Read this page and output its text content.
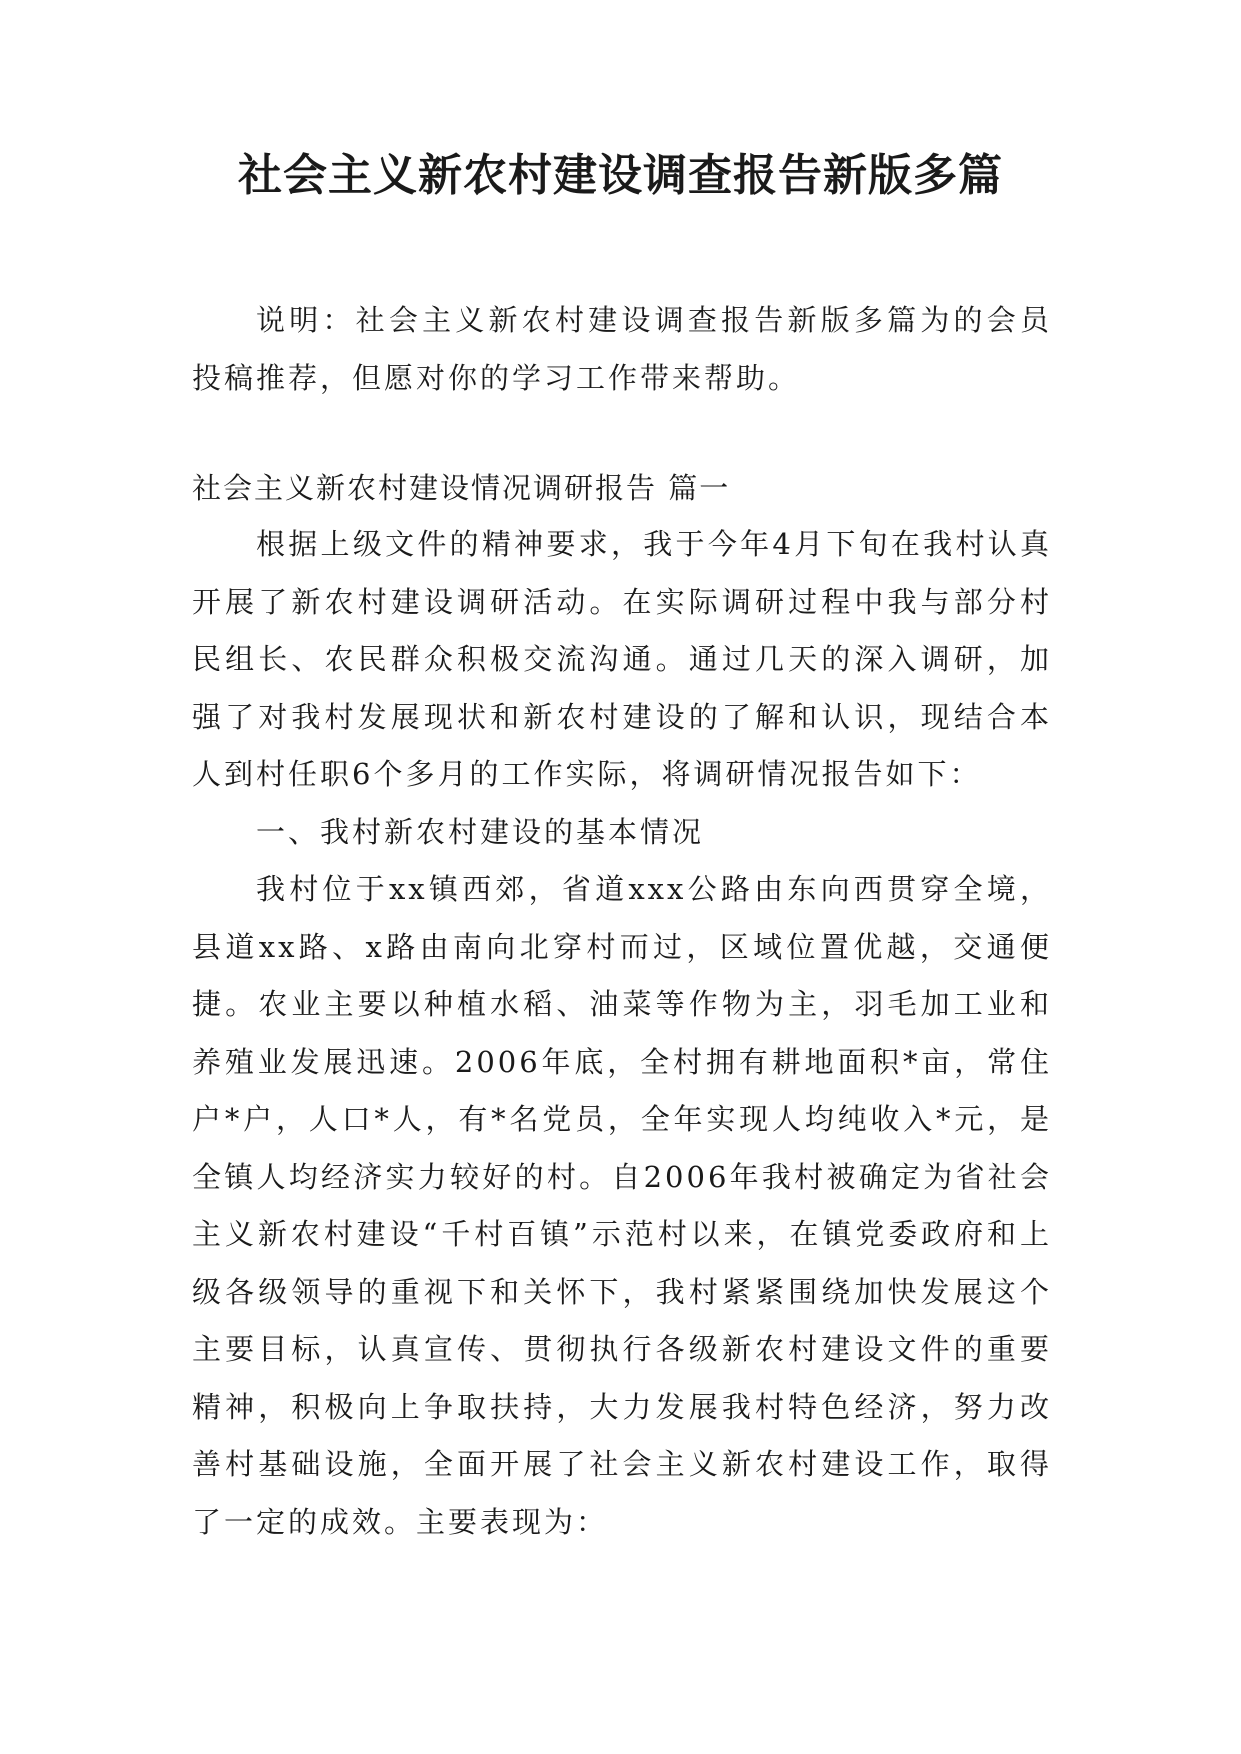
社会主义新农村建设调查报告新版多篇

说明：社会主义新农村建设调查报告新版多篇为的会员投稿推荐，但愿对你的学习工作带来帮助。

社会主义新农村建设情况调研报告 篇一

根据上级文件的精神要求，我于今年4月下旬在我村认真开展了新农村建设调研活动。在实际调研过程中我与部分村民组长、农民群众积极交流沟通。通过几天的深入调研，加强了对我村发展现状和新农村建设的了解和认识，现结合本人到村任职6个多月的工作实际，将调研情况报告如下：

一、我村新农村建设的基本情况

我村位于xx镇西郊，省道xxx公路由东向西贯穿全境，县道xx路、x路由南向北穿村而过，区域位置优越，交通便捷。农业主要以种植水稻、油菜等作物为主，羽毛加工业和养殖业发展迅速。2006年底，全村拥有耕地面积*亩，常住户*户，人口*人，有*名党员，全年实现人均纯收入*元，是全镇人均经济实力较好的村。自2006年我村被确定为省社会主义新农村建设“千村百镇”示范村以来，在镇党委政府和上级各级领导的重视下和关怀下，我村紧紧围绕加快发展这个主要目标，认真宣传、贯彻执行各级新农村建设文件的重要精神，积极向上争取扶持，大力发展我村特色经济，努力改善村基础设施，全面开展了社会主义新农村建设工作，取得了一定的成效。主要表现为：
